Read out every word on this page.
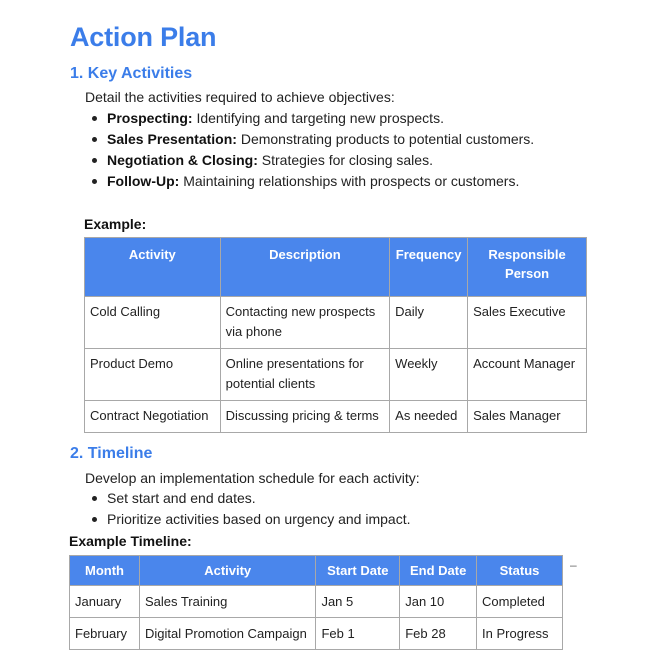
Action Plan
1. Key Activities

Detail the activities required to achieve objectives:

Prospecting: Identifying and targeting new prospects.
Sales Presentation: Demonstrating products to potential customers.
Negotiation & Closing: Strategies for closing sales.
Follow-Up: Maintaining relationships with prospects or customers.

Example:

Activity	Description	Frequency	Responsible Person
Cold Calling	Contacting new prospects via phone	Daily	Sales Executive
Product Demo	Online presentations for potential clients	Weekly	Account Manager
Contract Negotiation	Discussing pricing & terms	As needed	Sales Manager
2. Timeline

Develop an implementation schedule for each activity:

Set start and end dates.
Prioritize activities based on urgency and impact.

Example Timeline:

Month	Activity	Start Date	End Date	Status
January	Sales Training	Jan 5	Jan 10	Completed
February	Digital Promotion Campaign	Feb 1	Feb 28	In Progress
–
